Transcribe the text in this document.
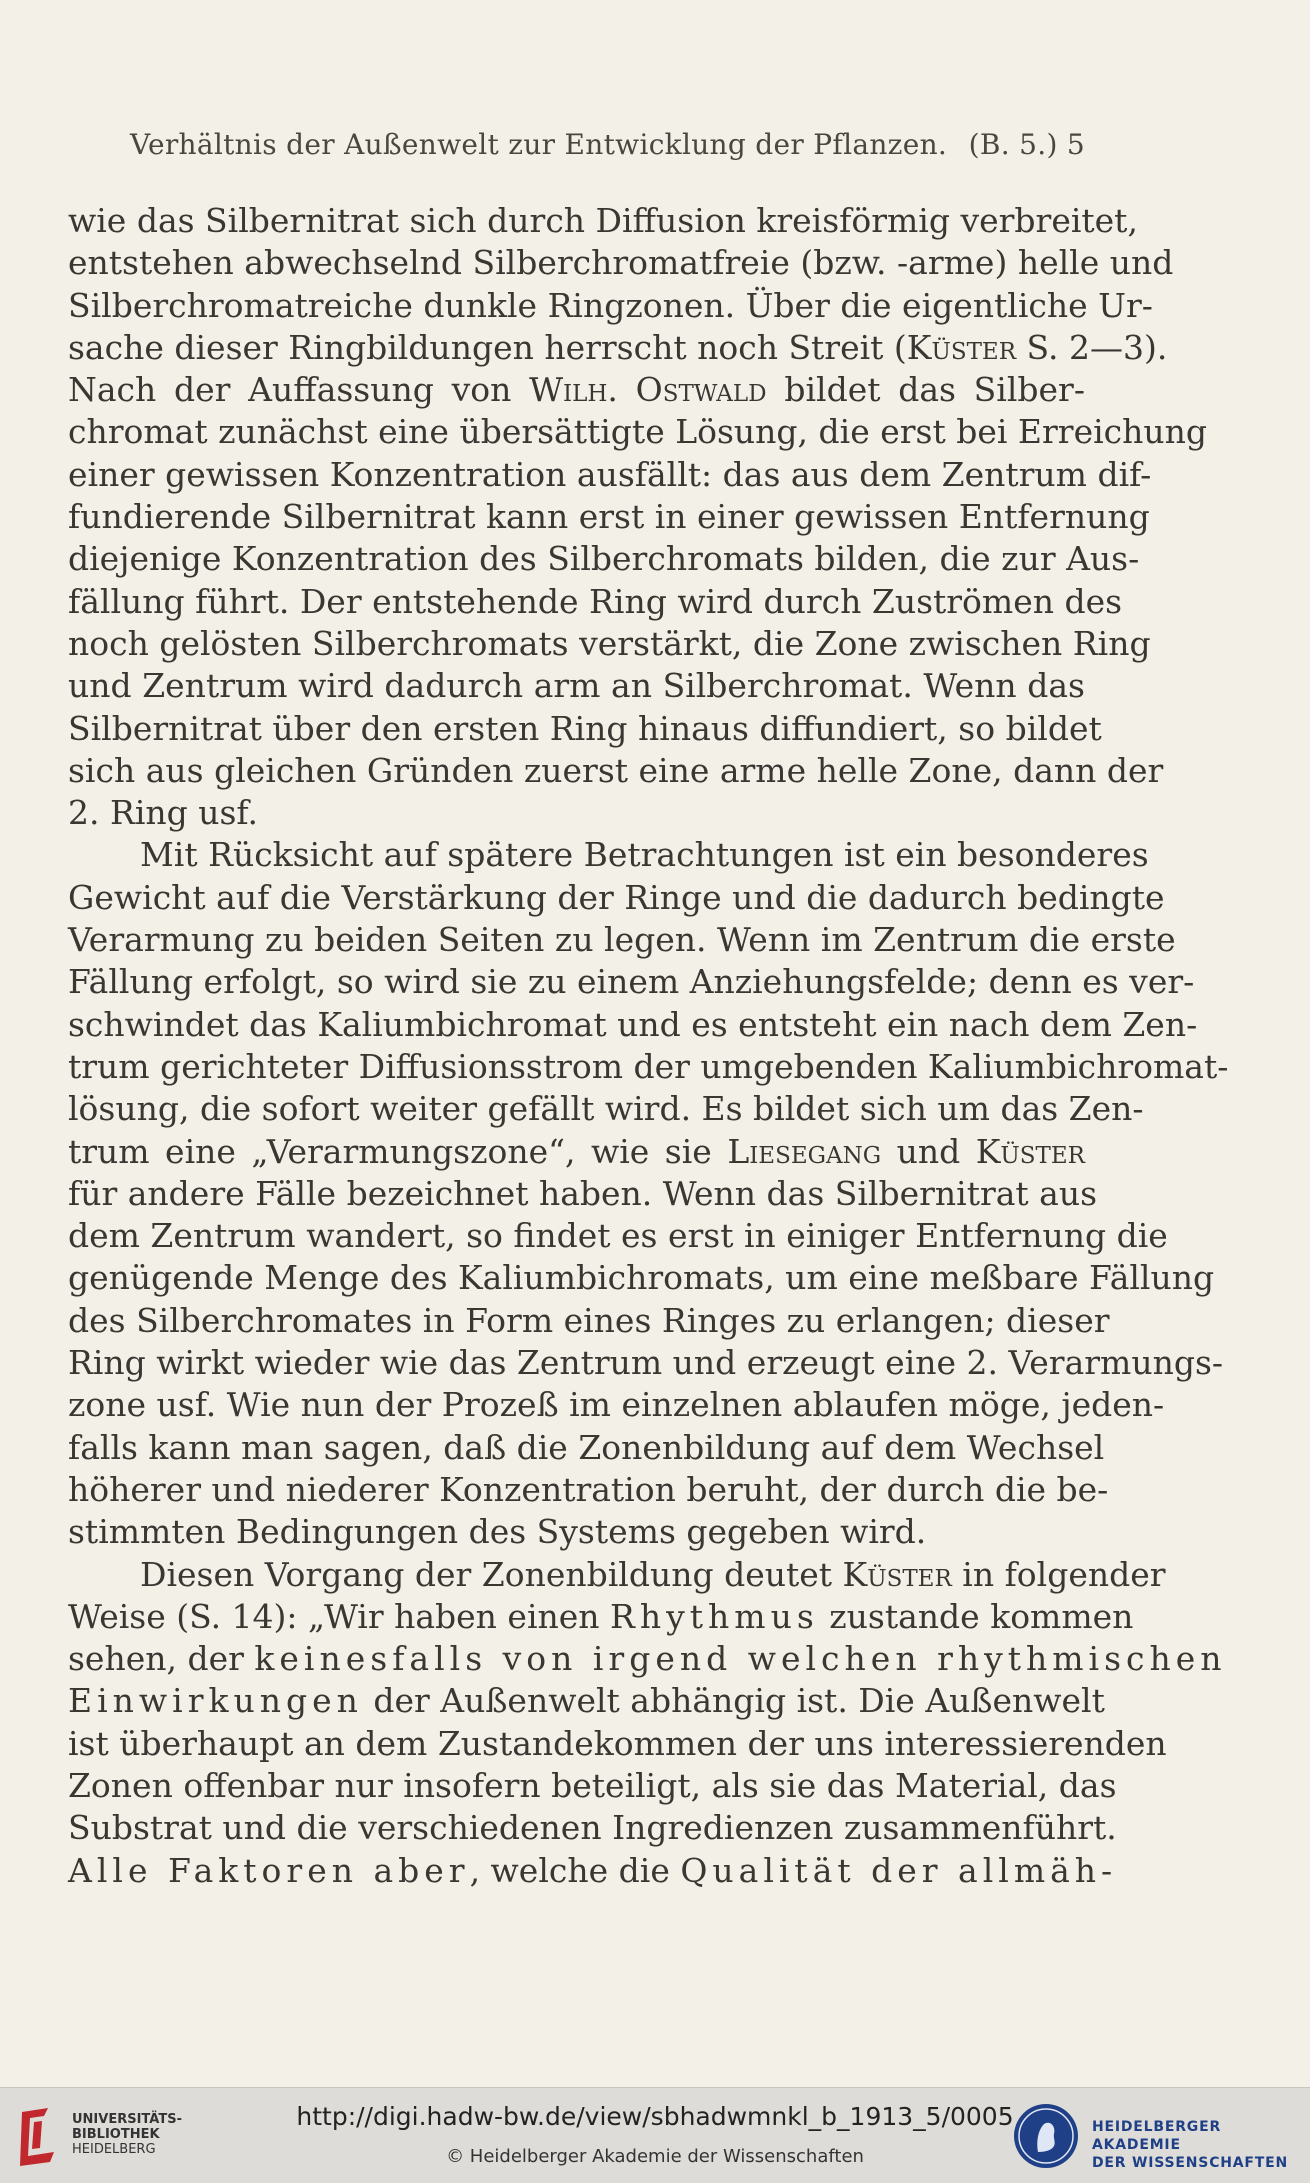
Verhältnis der Außenwelt zur Entwicklung der Pflanzen. (B. 5.) 5
wie das Silbernitrat sich durch Diffusion kreisförmig verbreitet,
entstehen abwechselnd Silberchromatfreie (bzw. -arme) helle und
Silberchromatreiche dunkle Ringzonen. Über die eigentliche Ur-
sache dieser Ringbildungen herrscht noch Streit (Küster S. 2—3).
Nach der Auffassung von Wilh. Ostwald bildet das Silber-
chromat zunächst eine übersättigte Lösung, die erst bei Erreichung
einer gewissen Konzentration ausfällt: das aus dem Zentrum dif-
fundierende Silbernitrat kann erst in einer gewissen Entfernung
diejenige Konzentration des Silberchromats bilden, die zur Aus-
fällung führt. Der entstehende Ring wird durch Zuströmen des
noch gelösten Silberchromats verstärkt, die Zone zwischen Ring
und Zentrum wird dadurch arm an Silberchromat. Wenn das
Silbernitrat über den ersten Ring hinaus diffundiert, so bildet
sich aus gleichen Gründen zuerst eine arme helle Zone, dann der
2. Ring usf.
Mit Rücksicht auf spätere Betrachtungen ist ein besonderes
Gewicht auf die Verstärkung der Ringe und die dadurch bedingte
Verarmung zu beiden Seiten zu legen. Wenn im Zentrum die erste
Fällung erfolgt, so wird sie zu einem Anziehungsfelde; denn es ver-
schwindet das Kaliumbichromat und es entsteht ein nach dem Zen-
trum gerichteter Diffusionsstrom der umgebenden Kaliumbichromat-
lösung, die sofort weiter gefällt wird. Es bildet sich um das Zen-
trum eine „Verarmungszone“, wie sie Liesegang und Küster
für andere Fälle bezeichnet haben. Wenn das Silbernitrat aus
dem Zentrum wandert, so findet es erst in einiger Entfernung die
genügende Menge des Kaliumbichromats, um eine meßbare Fällung
des Silberchromates in Form eines Ringes zu erlangen; dieser
Ring wirkt wieder wie das Zentrum und erzeugt eine 2. Verarmungs-
zone usf. Wie nun der Prozeß im einzelnen ablaufen möge, jeden-
falls kann man sagen, daß die Zonenbildung auf dem Wechsel
höherer und niederer Konzentration beruht, der durch die be-
stimmten Bedingungen des Systems gegeben wird.
Diesen Vorgang der Zonenbildung deutet Küster in folgender
Weise (S. 14): „Wir haben einen Rhythmus zustande kommen
sehen, der keinesfalls von irgend welchen rhythmischen
Einwirkungen der Außenwelt abhängig ist. Die Außenwelt
ist überhaupt an dem Zustandekommen der uns interessierenden
Zonen offenbar nur insofern beteiligt, als sie das Material, das
Substrat und die verschiedenen Ingredienzen zusammenführt.
Alle Faktoren aber, welche die Qualität der allmäh-
UNIVERSITÄTS-
BIBLIOTHEK
HEIDELBERG
http://digi.hadw-bw.de/view/sbhadwmnkl_b_1913_5/0005
© Heidelberger Akademie der Wissenschaften
HEIDELBERGER AKADEMIE
DER WISSENSCHAFTEN
